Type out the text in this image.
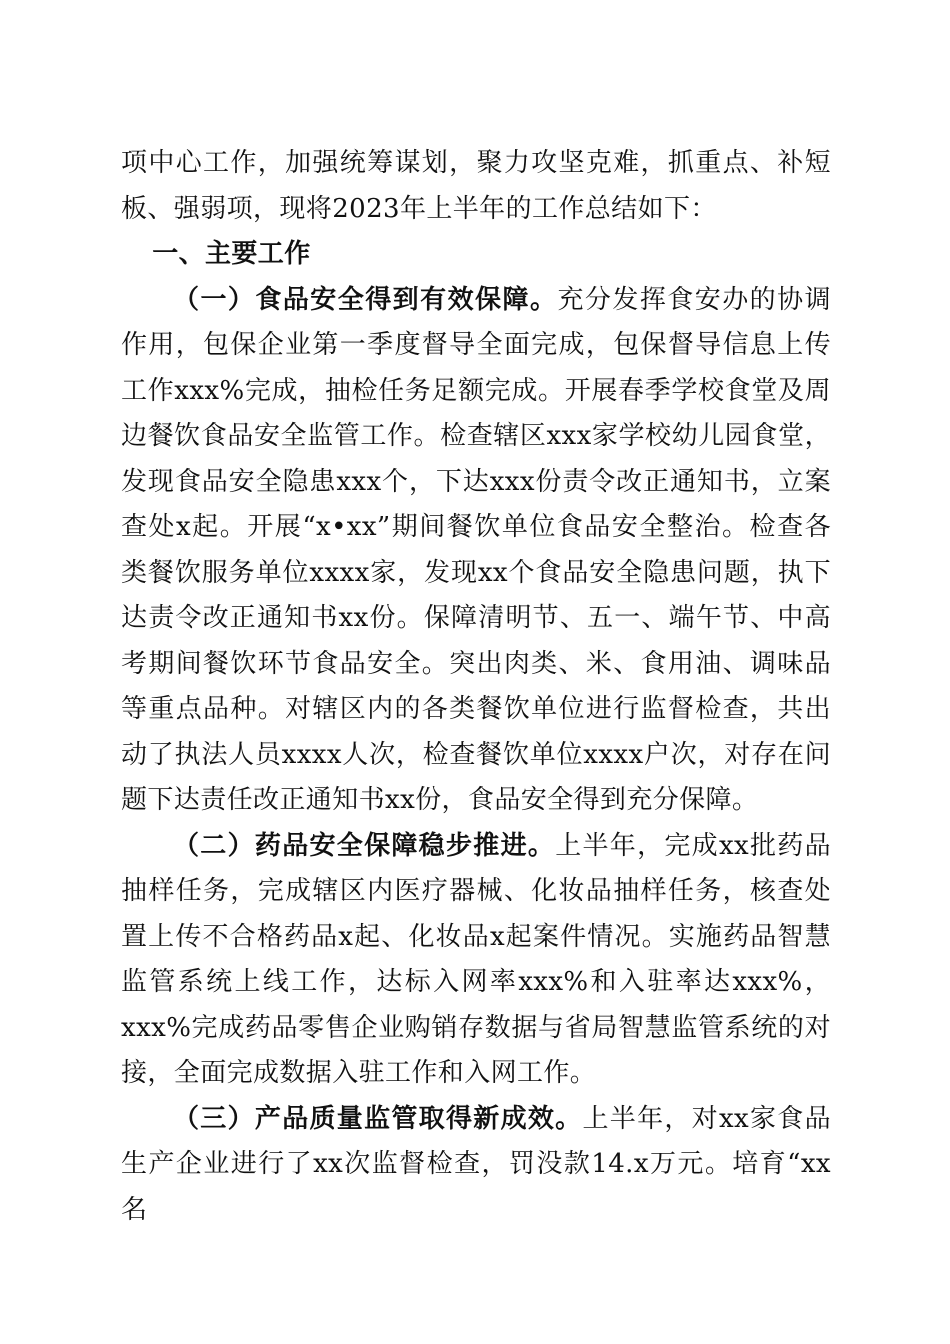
项中心工作，加强统筹谋划，聚力攻坚克难，抓重点、补短板、强弱项，现将2023年上半年的工作总结如下：

一、主要工作

（一）食品安全得到有效保障。充分发挥食安办的协调作用，包保企业第一季度督导全面完成，包保督导信息上传工作xxx%完成，抽检任务足额完成。开展春季学校食堂及周边餐饮食品安全监管工作。检查辖区xxx家学校幼儿园食堂，发现食品安全隐患xxx个，下达xxx份责令改正通知书，立案查处x起。开展“x•xx”期间餐饮单位食品安全整治。检查各类餐饮服务单位xxxx家，发现xx个食品安全隐患问题，执下达责令改正通知书xx份。保障清明节、五一、端午节、中高考期间餐饮环节食品安全。突出肉类、米、食用油、调味品等重点品种。对辖区内的各类餐饮单位进行监督检查，共出动了执法人员xxxx人次，检查餐饮单位xxxx户次，对存在问题下达责任改正通知书xx份，食品安全得到充分保障。

（二）药品安全保障稳步推进。上半年，完成xx批药品抽样任务，完成辖区内医疗器械、化妆品抽样任务，核查处置上传不合格药品x起、化妆品x起案件情况。实施药品智慧监管系统上线工作，达标入网率xxx%和入驻率达xxx%，xxx%完成药品零售企业购销存数据与省局智慧监管系统的对接，全面完成数据入驻工作和入网工作。

（三）产品质量监管取得新成效。上半年，对xx家食品生产企业进行了xx次监督检查，罚没款14.x万元。培育“xx名
